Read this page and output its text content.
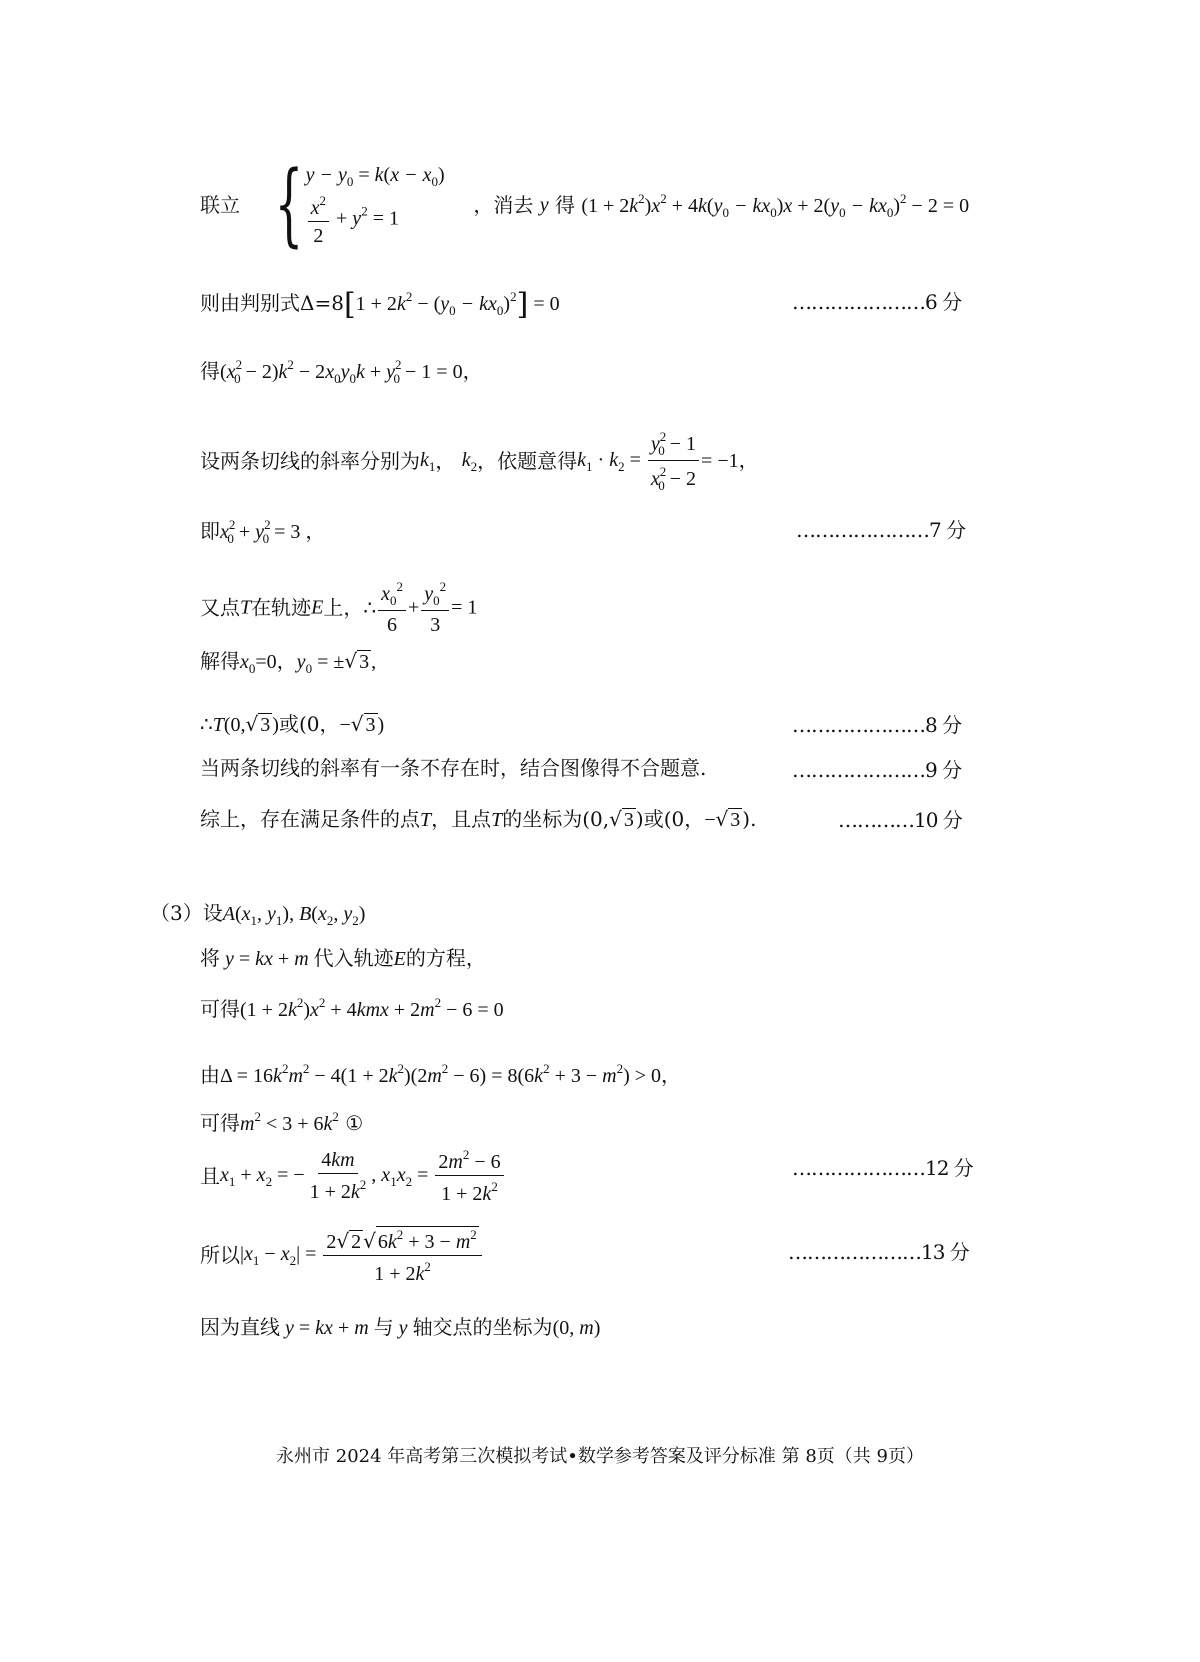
联立 { $y - y_0 = k(x - x_0)$
$\frac{x^2}{2} + y^2 = 1$
，消去 y 得 $(1 + 2k^2)x^2 + 4k(y_0 - kx_0)x + 2(y_0 - kx_0)^2 - 2 = 0$
则由判别式$\Delta=8[1 + 2k^2 - (y_0 - kx_0)^2] = 0$	…………………6 分
得$(x^2_0 - 2)k^2 - 2x_0y_0k + y^2_0 - 1 = 0$，
设两条切线的斜率分别为$k_1$， $k_2$，依题意得$k_1 \cdot k_2 = \frac{y^2_0 - 1}{x^2_0 - 2} = -1$，
即$x^2_0 + y^2_0 = 3$ ，	…………………7 分
又点T在轨迹E上，∴ $\frac{x_0^2}{6} + \frac{y_0^2}{3} = 1$
解得$x_0=0$，$y_0$ = ±√ 3 ,
∴T(0,√ 3 )或(0，−√ 3 )	…………………8 分
当两条切线的斜率有一条不存在时，结合图像得不合题意.	…………………9 分
综上，存在满足条件的点T，且点T的坐标为(0,√ 3 )或(0，−√ 3 ).	…………10 分
（3）设$A(x_1$, $y_1$), $B(x_2$, $y_2$)
将 y = kx + m 代入轨迹E的方程，
可得$(1 + 2k^2)x^2 + 4kmx + 2m^2 - 6 = 0$
由$\Delta = 16k^2m^2 - 4(1 + 2k^2)(2m^2 - 6) = 8(6k^2 + 3 - m^2) > 0$，
可得$m^2 < 3 + 6k^2$ ①
且$x_1 + x_2$ = − $\frac{4km}{1 + 2k^2}$ , $x_1x_2 = \frac{2m^2 - 6}{1 + 2k^2}$	…………………12 分
所以$|x_1 - x_2| = \frac{2√ 2 √ 6k^2 + 3 - m^2}{1 + 2k^2}$	…………………13 分
因为直线 y = kx + m 与 y 轴交点的坐标为(0, m)
永州市 2024 年高考第三次模拟考试•数学参考答案及评分标准 第 8页（共 9页）
